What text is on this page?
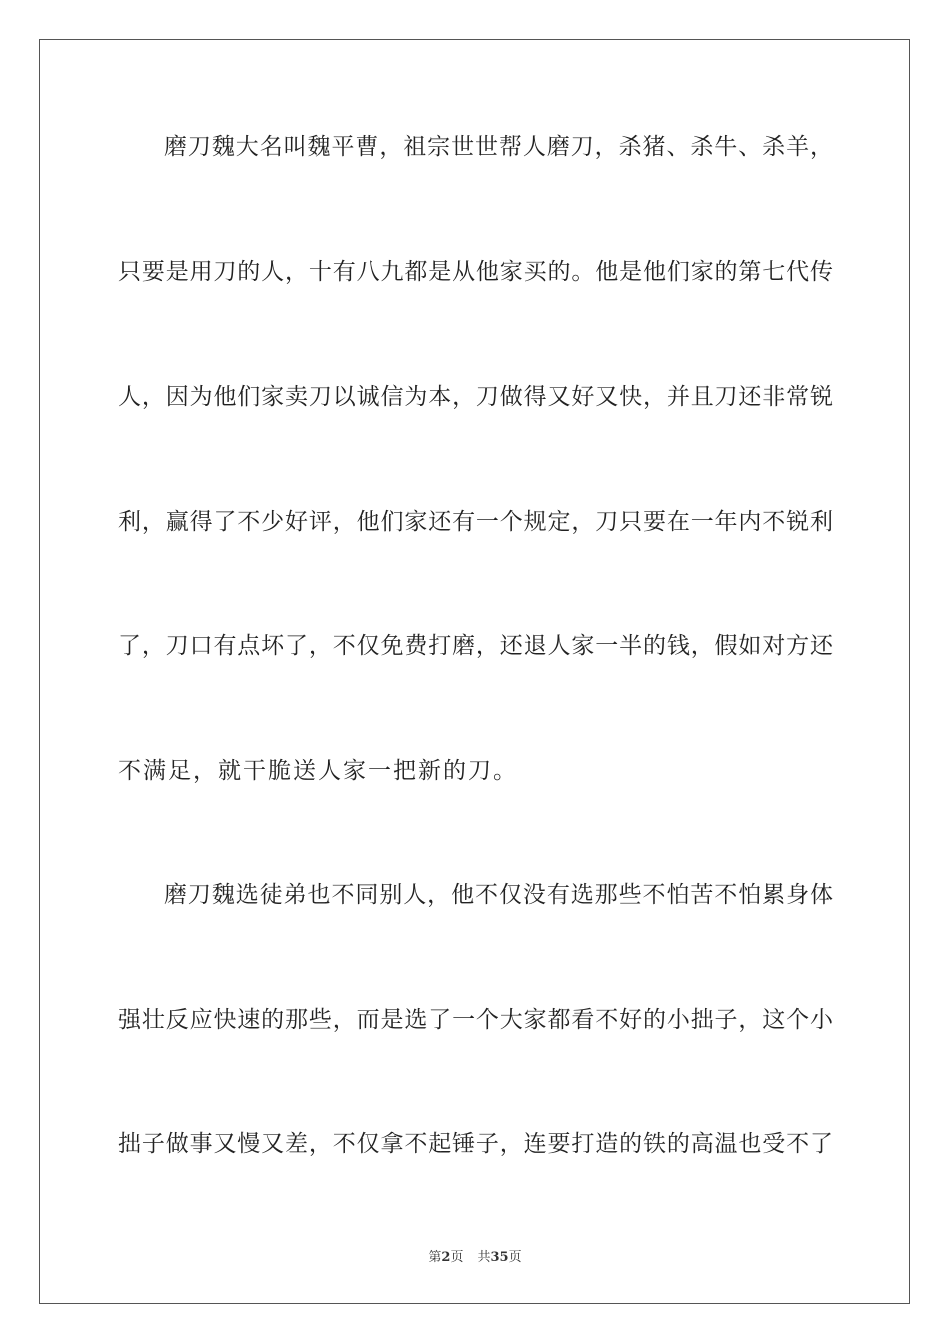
磨刀魏大名叫魏平曹，祖宗世世帮人磨刀，杀猪、杀牛、杀羊，
只要是用刀的人，十有八九都是从他家买的。他是他们家的第七代传
人，因为他们家卖刀以诚信为本，刀做得又好又快，并且刀还非常锐
利，赢得了不少好评，他们家还有一个规定，刀只要在一年内不锐利
了，刀口有点坏了，不仅免费打磨，还退人家一半的钱，假如对方还
不满足，就干脆送人家一把新的刀。
磨刀魏选徒弟也不同别人，他不仅没有选那些不怕苦不怕累身体
强壮反应快速的那些，而是选了一个大家都看不好的小拙子，这个小
拙子做事又慢又差，不仅拿不起锤子，连要打造的铁的高温也受不了
第2页 共35页
